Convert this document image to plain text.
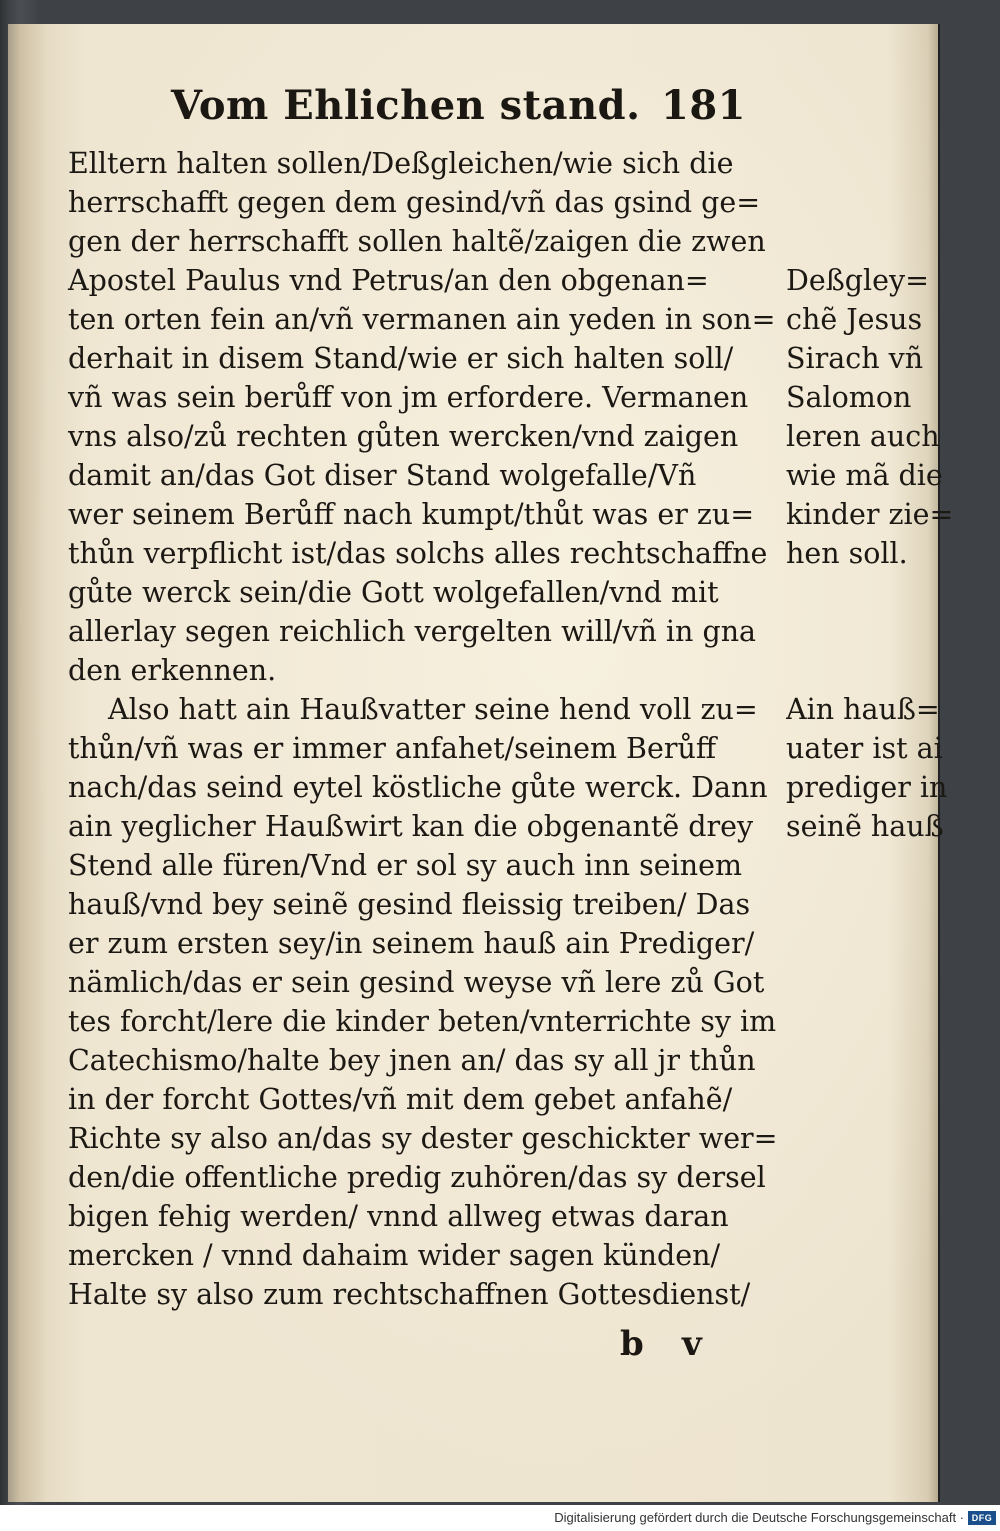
Vom Ehlichen stand. 181
Elltern halten sollen/Deßgleichen/wie sich die
herrschafft gegen dem gesind/vñ das gsind ge=
gen der herrschafft sollen haltẽ/zaigen die zwen
Apostel Paulus vnd Petrus/an den obgenan=
ten orten fein an/vñ vermanen ain yeden in son=
derhait in disem Stand/wie er sich halten soll/
vñ was sein berůff von jm erfordere. Vermanen
vns also/zů rechten gůten wercken/vnd zaigen
damit an/das Got diser Stand wolgefalle/Vñ
wer seinem Berůff nach kumpt/thůt was er zu=
thůn verpflicht ist/das solchs alles rechtschaffne
gůte werck sein/die Gott wolgefallen/vnd mit
allerlay segen reichlich vergelten will/vñ in gna
den erkennen.
Also hatt ain Haußvatter seine hend voll zu=
thůn/vñ was er immer anfahet/seinem Berůff
nach/das seind eytel köstliche gůte werck. Dann
ain yeglicher Haußwirt kan die obgenantẽ drey
Stend alle füren/Vnd er sol sy auch inn seinem
hauß/vnd bey seinẽ gesind fleissig treiben/ Das
er zum ersten sey/in seinem hauß ain Prediger/
nämlich/das er sein gesind weyse vñ lere zů Got
tes forcht/lere die kinder beten/vnterrichte sy im
Catechismo/halte bey jnen an/ das sy all jr thůn
in der forcht Gottes/vñ mit dem gebet anfahẽ/
Richte sy also an/das sy dester geschickter wer=
den/die offentliche predig zuhören/das sy dersel
bigen fehig werden/ vnnd allweg etwas daran
mercken / vnnd dahaim wider sagen künden/
Halte sy also zum rechtschaffnen Gottesdienst/
Deßgley=
chẽ Jesus
Sirach vñ
Salomon
leren auch
wie mã die
kinder zie=
hen soll.
Ain hauß=
uater ist ai
prediger in
seinẽ hauß
b v
Digitalisierung gefördert durch die Deutsche Forschungsgemeinschaft · DFG
